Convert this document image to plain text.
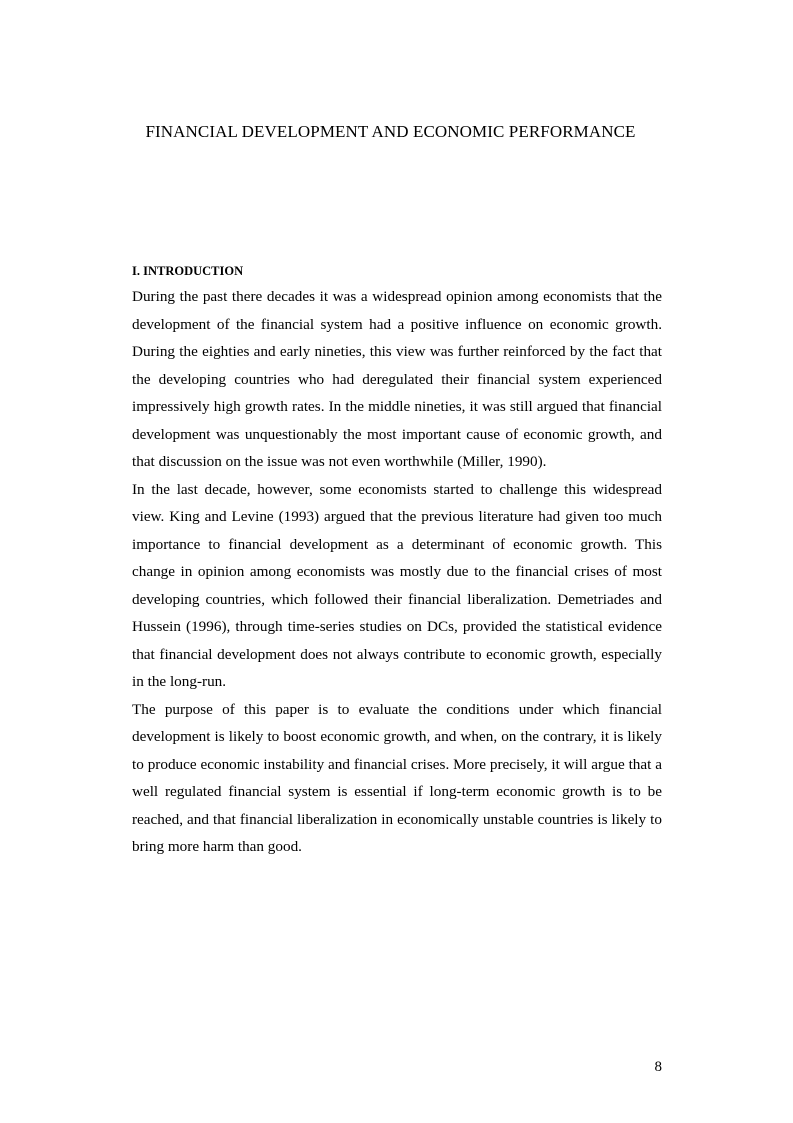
FINANCIAL DEVELOPMENT AND ECONOMIC PERFORMANCE
I. INTRODUCTION

During the past there decades it was a widespread opinion among economists that the development of the financial system had a positive influence on economic growth. During the eighties and early nineties, this view was further reinforced by the fact that the developing countries who had deregulated their financial system experienced impressively high growth rates. In the middle nineties, it was still argued that financial development was unquestionably the most important cause of economic growth, and that discussion on the issue was not even worthwhile (Miller, 1990).

In the last decade, however, some economists started to challenge this widespread view. King and Levine (1993) argued that the previous literature had given too much importance to financial development as a determinant of economic growth. This change in opinion among economists was mostly due to the financial crises of most developing countries, which followed their financial liberalization. Demetriades and Hussein (1996), through time-series studies on DCs, provided the statistical evidence that financial development does not always contribute to economic growth, especially in the long-run.

The purpose of this paper is to evaluate the conditions under which financial development is likely to boost economic growth, and when, on the contrary, it is likely to produce economic instability and financial crises. More precisely, it will argue that a well regulated financial system is essential if long-term economic growth is to be reached, and that financial liberalization in economically unstable countries is likely to bring more harm than good.

8
